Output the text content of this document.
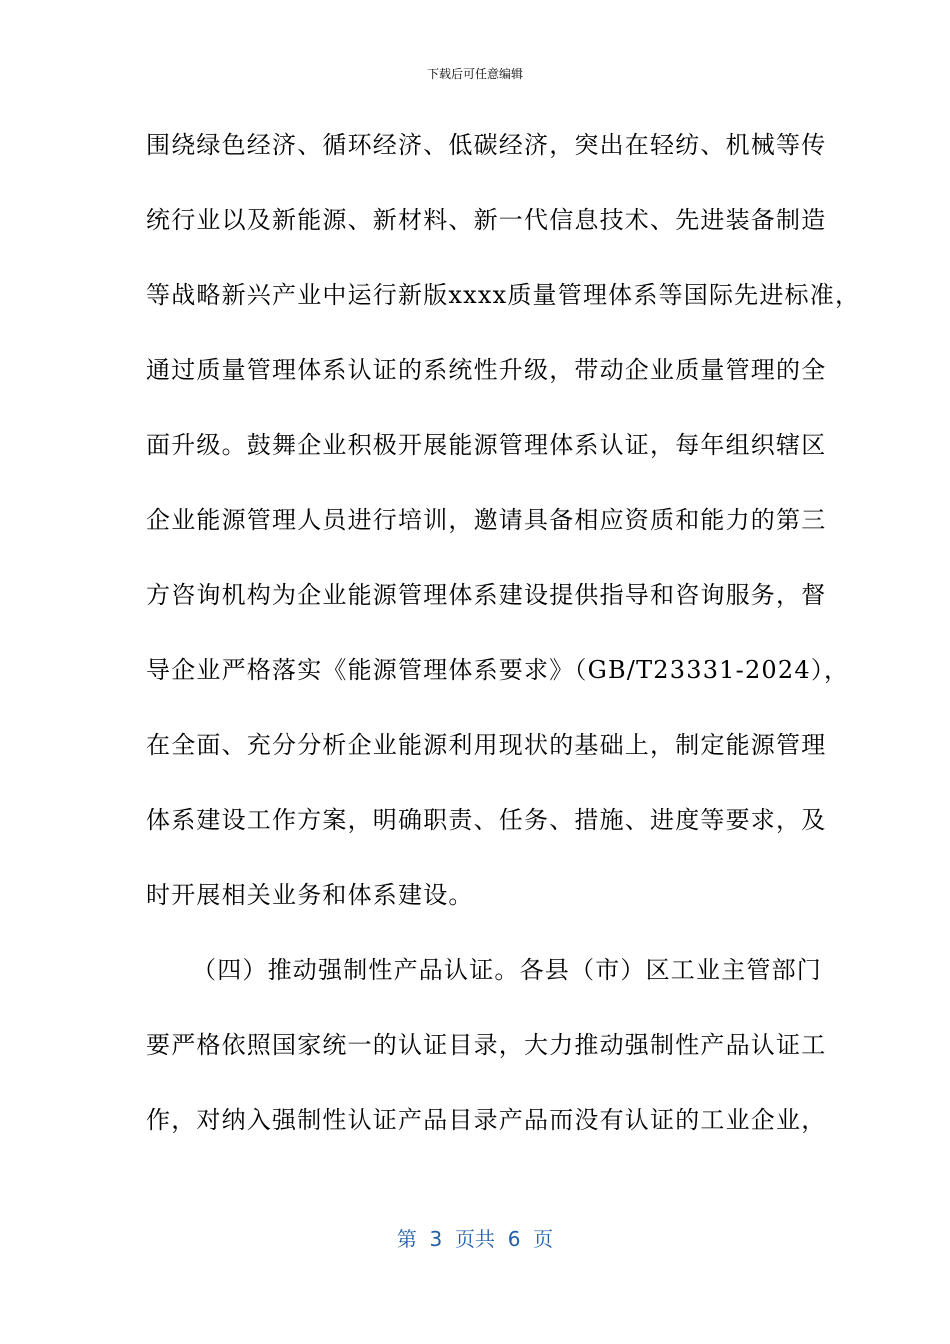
下载后可任意编辑
围绕绿色经济、循环经济、低碳经济，突出在轻纺、机械等传
统行业以及新能源、新材料、新一代信息技术、先进装备制造
等战略新兴产业中运行新版xxxx质量管理体系等国际先进标准，
通过质量管理体系认证的系统性升级，带动企业质量管理的全
面升级。鼓舞企业积极开展能源管理体系认证，每年组织辖区
企业能源管理人员进行培训，邀请具备相应资质和能力的第三
方咨询机构为企业能源管理体系建设提供指导和咨询服务，督
导企业严格落实《能源管理体系要求》（GB/T23331-2024），
在全面、充分分析企业能源利用现状的基础上，制定能源管理
体系建设工作方案，明确职责、任务、措施、进度等要求，及
时开展相关业务和体系建设。
（四）推动强制性产品认证。各县（市）区工业主管部门
要严格依照国家统一的认证目录，大力推动强制性产品认证工
作，对纳入强制性认证产品目录产品而没有认证的工业企业，
第  3  页共  6  页
